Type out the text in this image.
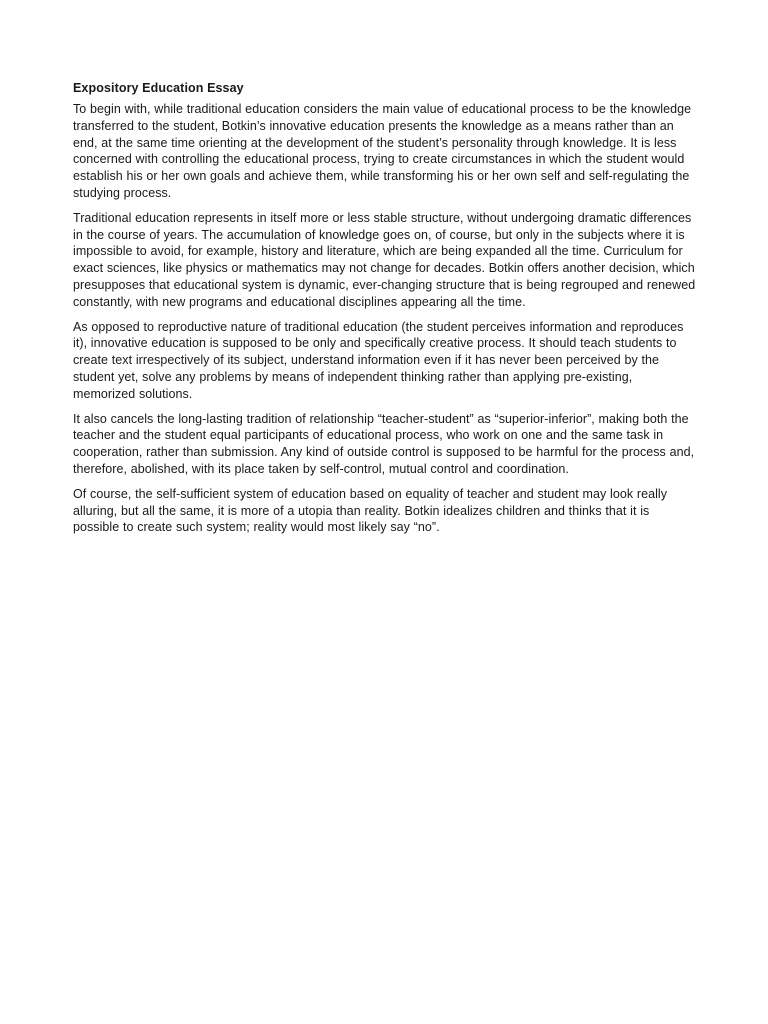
Expository Education Essay

To begin with, while traditional education considers the main value of educational process to be the knowledge transferred to the student, Botkin’s innovative education presents the knowledge as a means rather than an end, at the same time orienting at the development of the student’s personality through knowledge. It is less concerned with controlling the educational process, trying to create circumstances in which the student would establish his or her own goals and achieve them, while transforming his or her own self and self-regulating the studying process.

Traditional education represents in itself more or less stable structure, without undergoing dramatic differences in the course of years. The accumulation of knowledge goes on, of course, but only in the subjects where it is impossible to avoid, for example, history and literature, which are being expanded all the time. Curriculum for exact sciences, like physics or mathematics may not change for decades. Botkin offers another decision, which presupposes that educational system is dynamic, ever-changing structure that is being regrouped and renewed constantly, with new programs and educational disciplines appearing all the time.

As opposed to reproductive nature of traditional education (the student perceives information and reproduces it), innovative education is supposed to be only and specifically creative process. It should teach students to create text irrespectively of its subject, understand information even if it has never been perceived by the student yet, solve any problems by means of independent thinking rather than applying pre-existing, memorized solutions.

It also cancels the long-lasting tradition of relationship “teacher-student” as “superior-inferior”, making both the teacher and the student equal participants of educational process, who work on one and the same task in cooperation, rather than submission. Any kind of outside control is supposed to be harmful for the process and, therefore, abolished, with its place taken by self-control, mutual control and coordination.

Of course, the self-sufficient system of education based on equality of teacher and student may look really alluring, but all the same, it is more of a utopia than reality. Botkin idealizes children and thinks that it is possible to create such system; reality would most likely say “no”.
